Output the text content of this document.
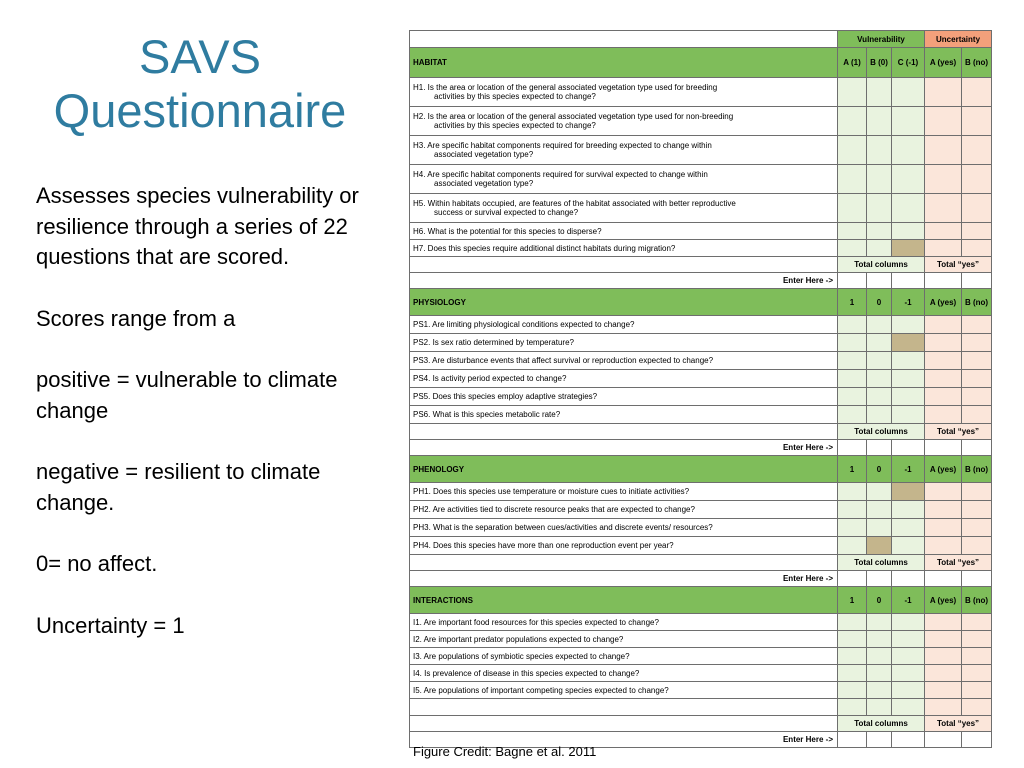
SAVS
Questionnaire

Assesses species vulnerability or resilience through a series of 22 questions that are scored.

Scores range from a

positive = vulnerable to climate change

negative = resilient to climate change.

0= no affect.

Uncertainty = 1

	Vulnerability			Uncertainty	
HABITAT	A (1)	B (0)	C (-1)	A (yes)	B (no)
H1. Is the area or location of the general associated vegetation type used for breeding
activities by this species expected to change?					

H2. Is the area or location of the general associated vegetation type used for non-breeding
activities by this species expected to change?					

H3. Are specific habitat components required for breeding expected to change within
associated vegetation type?					

H4. Are specific habitat components required for survival expected to change within
associated vegetation type?					

H5. Within habitats occupied, are features of the habitat associated with better reproductive
success or survival expected to change?					

H6. What is the potential for this species to disperse?					
H7. Does this species require additional distinct habitats during migration?					
	Total columns			Total “yes”	
Enter Here ->					
PHYSIOLOGY	1	0	-1	A (yes)	B (no)
PS1. Are limiting physiological conditions expected to change?					
PS2. Is sex ratio determined by temperature?					
PS3. Are disturbance events that affect survival or reproduction expected to change?					
PS4. Is activity period expected to change?					
PS5. Does this species employ adaptive strategies?					
PS6. What is this species metabolic rate?					
	Total columns			Total “yes”	
Enter Here ->					
PHENOLOGY	1	0	-1	A (yes)	B (no)
PH1. Does this species use temperature or moisture cues to initiate activities?					
PH2. Are activities tied to discrete resource peaks that are expected to change?					
PH3. What is the separation between cues/activities and discrete events/ resources?					
PH4. Does this species have more than one reproduction event per year?					
	Total columns			Total “yes”	
Enter Here ->					
INTERACTIONS	1	0	-1	A (yes)	B (no)
I1. Are important food resources for this species expected to change?					
I2. Are important predator populations expected to change?					
I3. Are populations of symbiotic species expected to change?					
I4. Is prevalence of disease in this species expected to change?					
I5. Are populations of important competing species expected to change?					

	Total columns			Total “yes”	
Enter Here ->					
Figure Credit: Bagne et al. 2011
